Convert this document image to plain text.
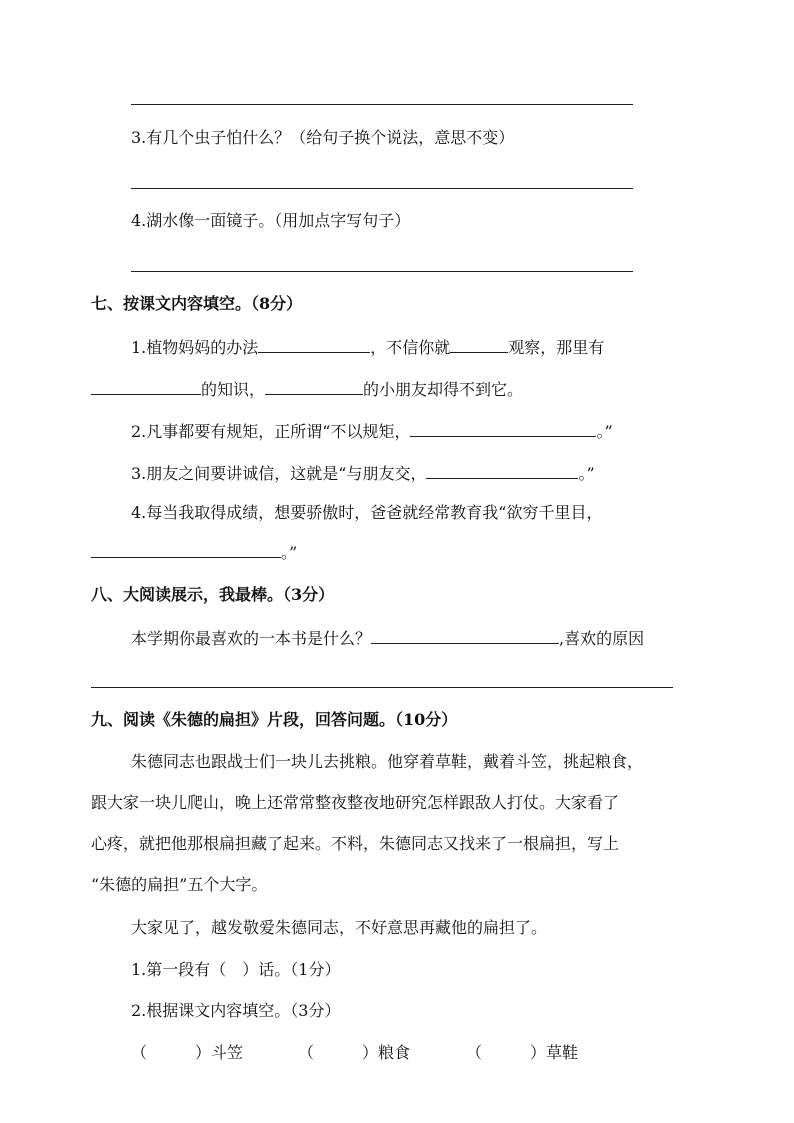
3.有几个虫子怕什么？（给句子换个说法，意思不变）
4.湖水像一面镜子。（用加点字写句子）
七、按课文内容填空。（8分）
1.植物妈妈的办法	，不信你就	观察，那里有
的知识，	的小朋友却得不到它。
2.凡事都要有规矩，正所谓“不以规矩，	。”
3.朋友之间要讲诚信，这就是“与朋友交，	。”
4.每当我取得成绩，想要骄傲时，爸爸就经常教育我“欲穷千里目，
。”
八、大阅读展示，我最棒。（3分）
本学期你最喜欢的一本书是什么？	,喜欢的原因
九、阅读《朱德的扁担》片段，回答问题。（10分）
朱德同志也跟战士们一块儿去挑粮。他穿着草鞋，戴着斗笠，挑起粮食，
跟大家一块儿爬山，晚上还常常整夜整夜地研究怎样跟敌人打仗。大家看了
心疼，就把他那根扁担藏了起来。不料，朱德同志又找来了一根扁担，写上
“朱德的扁担”五个大字。
大家见了，越发敬爱朱德同志，不好意思再藏他的扁担了。
1.第一段有（　）话。（1分）
2.根据课文内容填空。（3分）
（　　　）斗笠	（　　　）粮食	（　　　）草鞋
